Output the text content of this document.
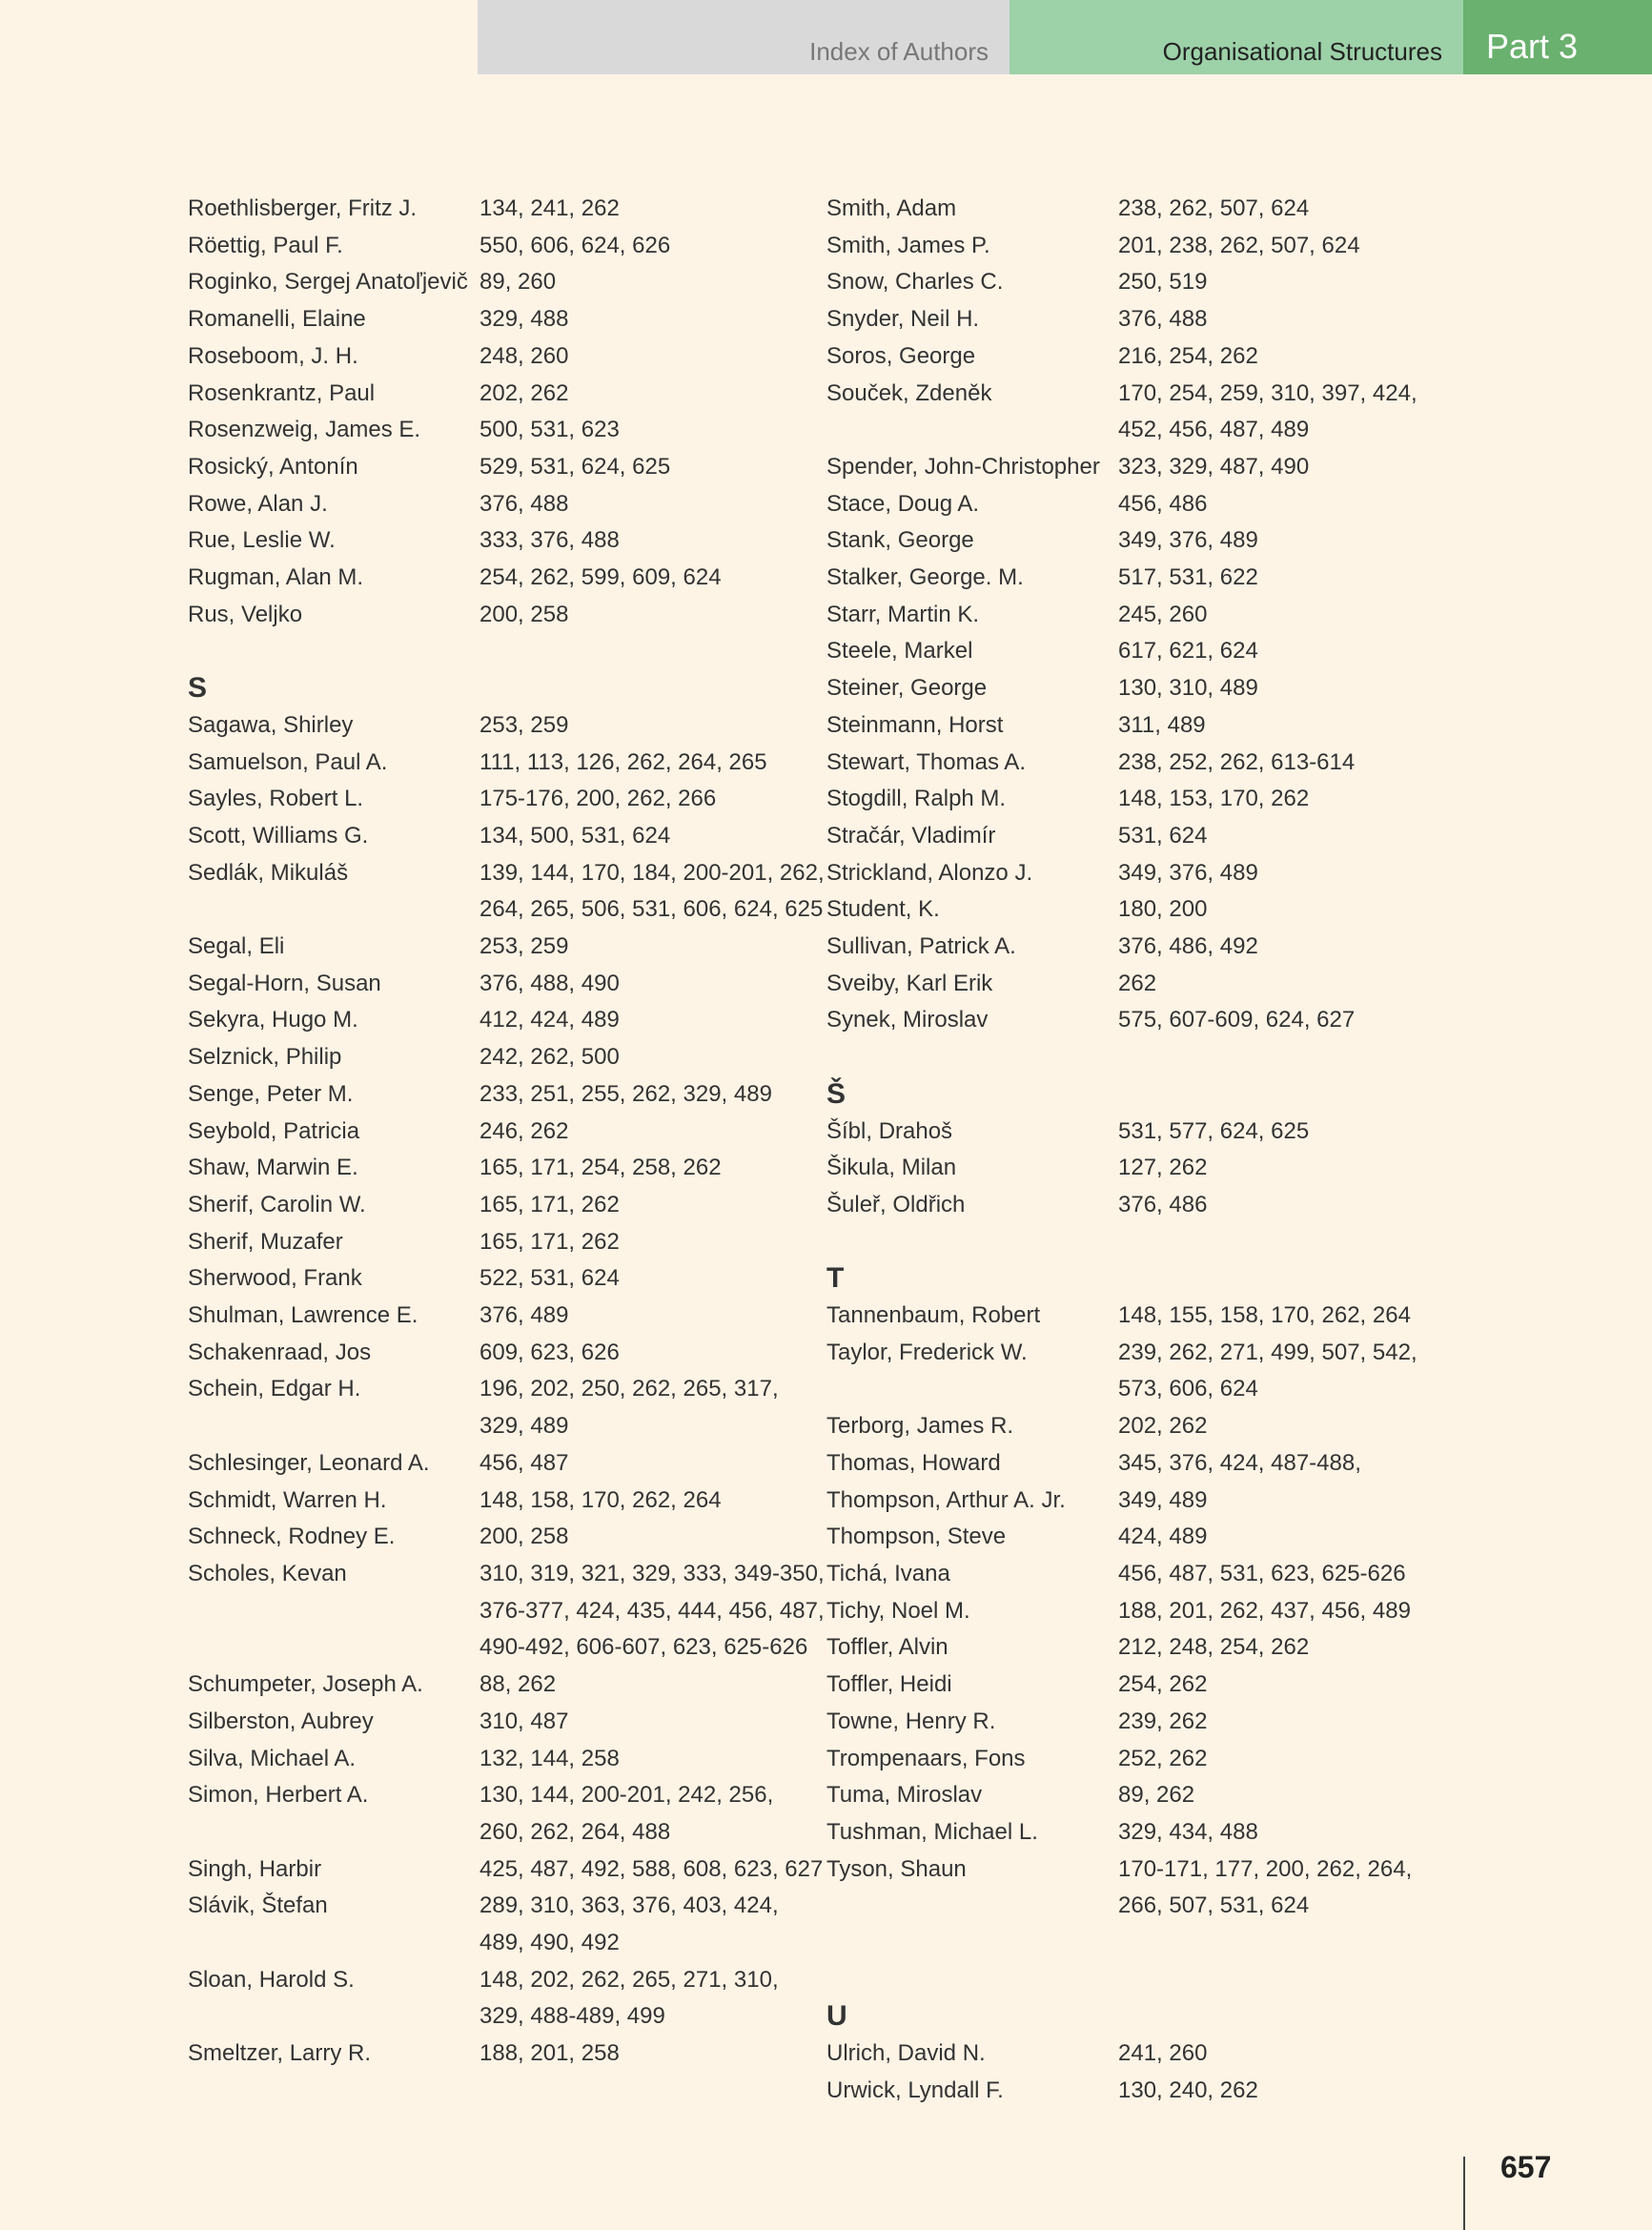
Index of Authors	Organisational Structures Part 3
Roethlisberger, Fritz J.	134, 241, 262
Röettig, Paul F.	550, 606, 624, 626
Roginko, Sergej Anatoľjevič 89, 260
Romanelli, Elaine	329, 488
Roseboom, J. H.	248, 260
Rosenkrantz, Paul	202, 262
Rosenzweig, James E.	500, 531, 623
Rosický, Antonín	529, 531, 624, 625
Rowe, Alan J.	376, 488
Rue, Leslie W.	333, 376, 488
Rugman, Alan M.	254, 262, 599, 609, 624
Rus, Veljko	200, 258
S
Sagawa, Shirley	253, 259
Samuelson, Paul A.	111, 113, 126, 262, 264, 265
Sayles, Robert L.	175-176, 200, 262, 266
Scott, Williams G.	134, 500, 531, 624
Sedlák, Mikuláš	139, 144, 170, 184, 200-201, 262,
264, 265, 506, 531, 606, 624, 625
Segal, Eli	253, 259
Segal-Horn, Susan	376, 488, 490
Sekyra, Hugo M.	412, 424, 489
Selznick, Philip	242, 262, 500
Senge, Peter M.	233, 251, 255, 262, 329, 489
Seybold, Patricia	246, 262
Shaw, Marwin E.	165, 171, 254, 258, 262
Sherif, Carolin W.	165, 171, 262
Sherif, Muzafer	165, 171, 262
Sherwood, Frank	522, 531, 624
Shulman, Lawrence E.	376, 489
Schakenraad, Jos	609, 623, 626
Schein, Edgar H.	196, 202, 250, 262, 265, 317,
329, 489
Schlesinger, Leonard A.	456, 487
Schmidt, Warren H.	148, 158, 170, 262, 264
Schneck, Rodney E.	200, 258
Scholes, Kevan	310, 319, 321, 329, 333, 349-350,
376-377, 424, 435, 444, 456, 487,
490-492, 606-607, 623, 625-626
Schumpeter, Joseph A.	88, 262
Silberston, Aubrey	310, 487
Silva, Michael A.	132, 144, 258
Simon, Herbert A.	130, 144, 200-201, 242, 256,
260, 262, 264, 488
Singh, Harbir	425, 487, 492, 588, 608, 623, 627
Slávik, Štefan	289, 310, 363, 376, 403, 424,
489, 490, 492
Sloan, Harold S.	148, 202, 262, 265, 271, 310,
329, 488-489, 499
Smeltzer, Larry R.	188, 201, 258
Smith, Adam	238, 262, 507, 624
Smith, James P.	201, 238, 262, 507, 624
Snow, Charles C.	250, 519
Snyder, Neil H.	376, 488
Soros, George	216, 254, 262
Souček, Zdeněk	170, 254, 259, 310, 397, 424,
452, 456, 487, 489
Spender, John-Christopher 323, 329, 487, 490
Stace, Doug A.	456, 486
Stank, George	349, 376, 489
Stalker, George. M.	517, 531, 622
Starr, Martin K.	245, 260
Steele, Markel	617, 621, 624
Steiner, George	130, 310, 489
Steinmann, Horst	311, 489
Stewart, Thomas A.	238, 252, 262, 613-614
Stogdill, Ralph M.	148, 153, 170, 262
Stračár, Vladimír	531, 624
Strickland, Alonzo J.	349, 376, 489
Student, K.	180, 200
Sullivan, Patrick A.	376, 486, 492
Sveiby, Karl Erik	262
Synek, Miroslav	575, 607-609, 624, 627
Š
Šíbl, Drahoš	531, 577, 624, 625
Šikula, Milan	127, 262
Šuleř, Oldřich	376, 486
T
Tannenbaum, Robert	148, 155, 158, 170, 262, 264
Taylor, Frederick W.	239, 262, 271, 499, 507, 542,
573, 606, 624
Terborg, James R.	202, 262
Thomas, Howard	345, 376, 424, 487-488,
Thompson, Arthur A. Jr.	349, 489
Thompson, Steve	424, 489
Tichá, Ivana	456, 487, 531, 623, 625-626
Tichy, Noel M.	188, 201, 262, 437, 456, 489
Toffler, Alvin	212, 248, 254, 262
Toffler, Heidi	254, 262
Towne, Henry R.	239, 262
Trompenaars, Fons	252, 262
Tuma, Miroslav	89, 262
Tushman, Michael L.	329, 434, 488
Tyson, Shaun	170-171, 177, 200, 262, 264,
266, 507, 531, 624

U
Ulrich, David N.	241, 260
Urwick, Lyndall F.	130, 240, 262
657
